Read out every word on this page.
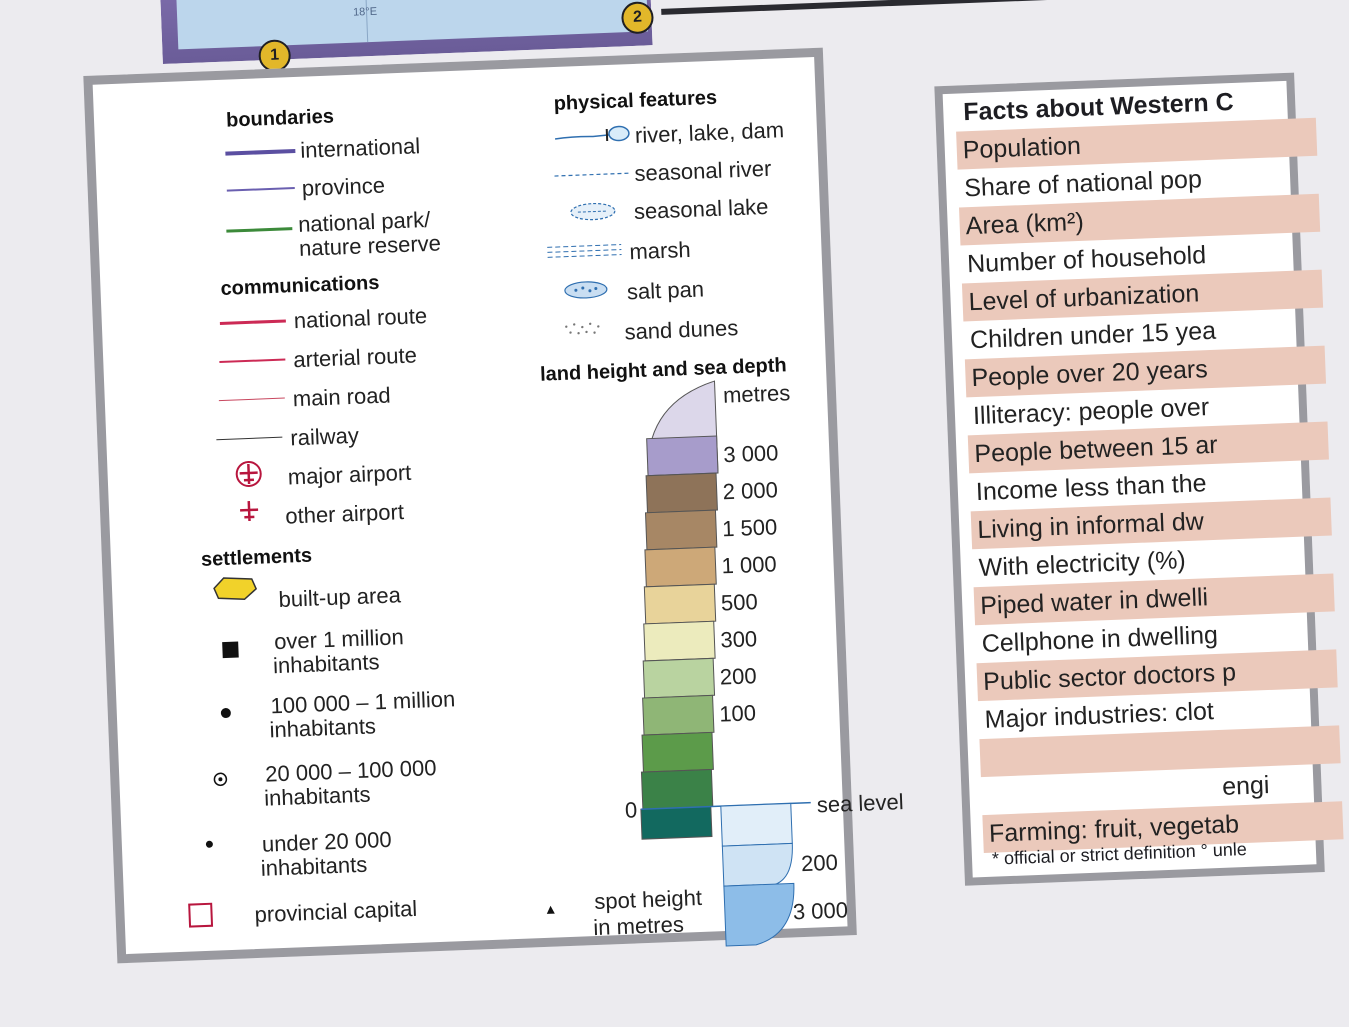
18°E
1
2
boundaries
international
province
national park/
nature reserve
communications
national route
arterial route
main road
railway
major airport
other airport
settlements
built-up area
over 1 million
inhabitants
100 000 – 1 million
inhabitants
20 000 – 100 000
inhabitants
under 20 000
inhabitants
provincial capital
physical features
river, lake, dam
seasonal river
seasonal lake
marsh
salt pan
sand dunes
land height and sea depth
metres
3 000
2 000
1 500
1 000
500
300
200
100
0	sea level
200
3 000
spot height
in metres
Facts about Western C
Population
Share of national pop
Area (km²)
Number of household
Level of urbanization
Children under 15 yea
People over 20 years
Illiteracy: people over
People between 15 ar
Income less than the
Living in informal dw
With electricity (%)
Piped water in dwelli
Cellphone in dwelling
Public sector doctors p
Major industries: clot
engi
Farming: fruit, vegetab
* official or strict definition ° unle
